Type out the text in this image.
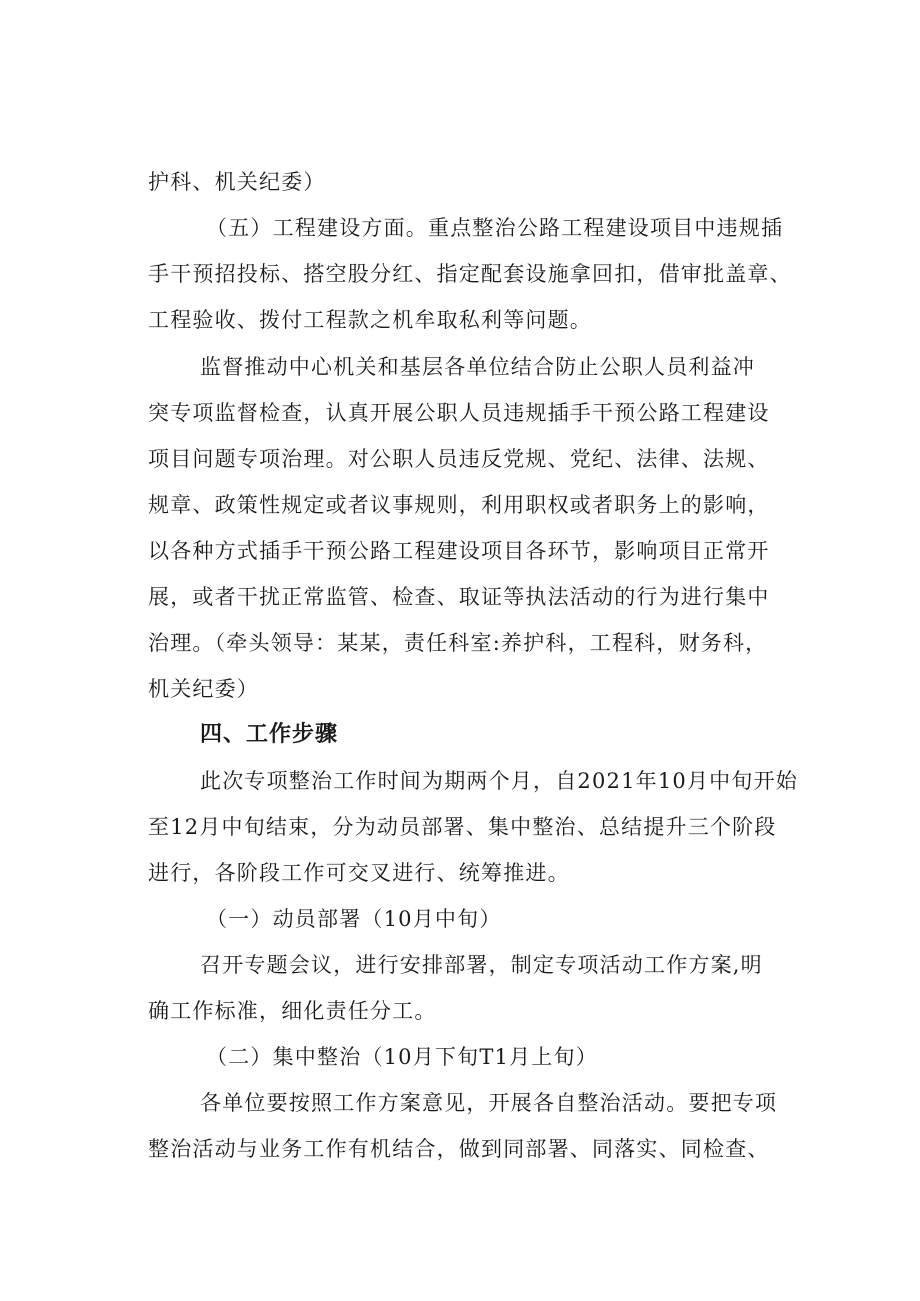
护科、机关纪委）
（五）工程建设方面。重点整治公路工程建设项目中违规插
手干预招投标、搭空股分红、指定配套设施拿回扣，借审批盖章、
工程验收、拨付工程款之机牟取私利等问题。
监督推动中心机关和基层各单位结合防止公职人员利益冲
突专项监督检查，认真开展公职人员违规插手干预公路工程建设
项目问题专项治理。对公职人员违反党规、党纪、法律、法规、
规章、政策性规定或者议事规则，利用职权或者职务上的影响，
以各种方式插手干预公路工程建设项目各环节，影响项目正常开
展，或者干扰正常监管、检查、取证等执法活动的行为进行集中
治理。（牵头领导：某某，责任科室:养护科，工程科，财务科，
机关纪委）
四、工作步骤
此次专项整治工作时间为期两个月，自2021年10月中旬开始
至12月中旬结束，分为动员部署、集中整治、总结提升三个阶段
进行，各阶段工作可交叉进行、统筹推进。
（一）动员部署（10月中旬）
召开专题会议，进行安排部署，制定专项活动工作方案,明
确工作标准，细化责任分工。
（二）集中整治（10月下旬T1月上旬）
各单位要按照工作方案意见，开展各自整治活动。要把专项
整治活动与业务工作有机结合，做到同部署、同落实、同检查、
